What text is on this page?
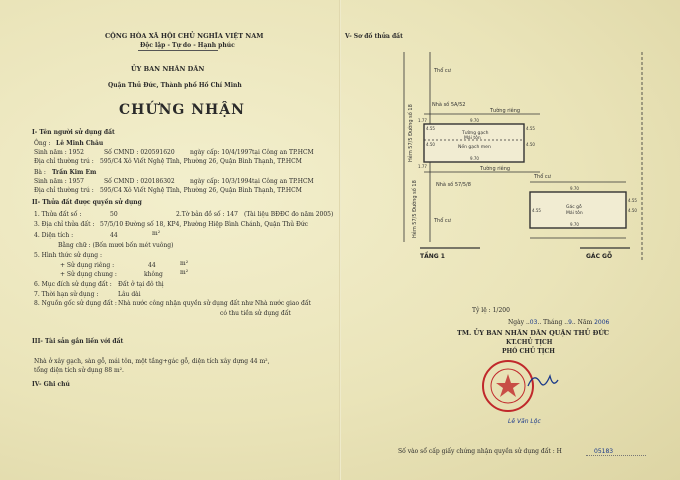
CỘNG HÒA XÃ HỘI CHỦ NGHĨA VIỆT NAM
Độc lập - Tự do - Hạnh phúc
ỦY BAN NHÂN DÂN
Quận Thủ Đức, Thành phố Hồ Chí Minh
CHỨNG NHẬN
I- Tên người sử dụng đất
Ông : Lê Minh Châu
Sinh năm : 1952	Số CMND : 020591620	ngày cấp: 10/4/1997 tại Công an TP.HCM
Địa chỉ thường trú : 595/C4 Xô Viết Nghệ Tĩnh, Phường 26, Quận Bình Thạnh, TP.HCM
Bà : Trần Kim Em
Sinh năm : 1957	Số CMND : 020186302	ngày cấp: 10/3/1994 tại Công an TP.HCM
Địa chỉ thường trú : 595/C4 Xô Viết Nghệ Tĩnh, Phường 26, Quận Bình Thạnh, TP.HCM
II- Thửa đất được quyền sử dụng
1. Thửa đất số :	50	2.Tờ bản đồ số : 147 (Tài liệu BĐĐC đo năm 2005)
3. Địa chỉ thửa đất : 57/5/10 Đường số 18, KP4, Phường Hiệp Bình Chánh, Quận Thủ Đức
4. Diện tích :	44	m²
Bằng chữ : (Bốn mươi bốn mét vuông)
5. Hình thức sử dụng :
+ Sử dụng riêng :	44	m²
+ Sử dụng chung :	không	m²
6. Mục đích sử dụng đất : Đất ở tại đô thị
7. Thời hạn sử dụng :	Lâu dài
8. Nguồn gốc sử dụng đất : Nhà nước công nhận quyền sử dụng đất như Nhà nước giao đất
có thu tiền sử dụng đất
III- Tài sản gắn liền với đất
Nhà ở xây gạch, sàn gỗ, mái tôn, một tầng+gác gỗ, diện tích xây dựng 44 m²,
tổng diện tích sử dụng 88 m².
IV- Ghi chú
V- Sơ đồ thửa đất
Hẻm 57/5 Đường số 18
Hẻm 57/5 Đường số 18
Thổ cư
Nhà số 5A/52
Tường riêng
Tường gạch
Mái tôn
Nền gạch men
Tường riêng
Nhà số 57/5/8
Thổ cư
Thổ cư
Gác gỗ
Mái tôn
9.70
4.50
4.55
4.50
9.70
4.55
1.77
1.77
9.70
4.50
4.55
4.55
9.70
TẦNG 1	GÁC GỖ
Tỷ lệ : 1/200
Ngày ..03.. Tháng ..9.. Năm 2006
TM. ỦY BAN NHÂN DÂN QUẬN THỦ ĐỨC
KT.CHỦ TỊCH
PHÓ CHỦ TỊCH
Lê Văn Lộc
Số vào sổ cấp giấy chứng nhận quyền sử dụng đất : H	05183
